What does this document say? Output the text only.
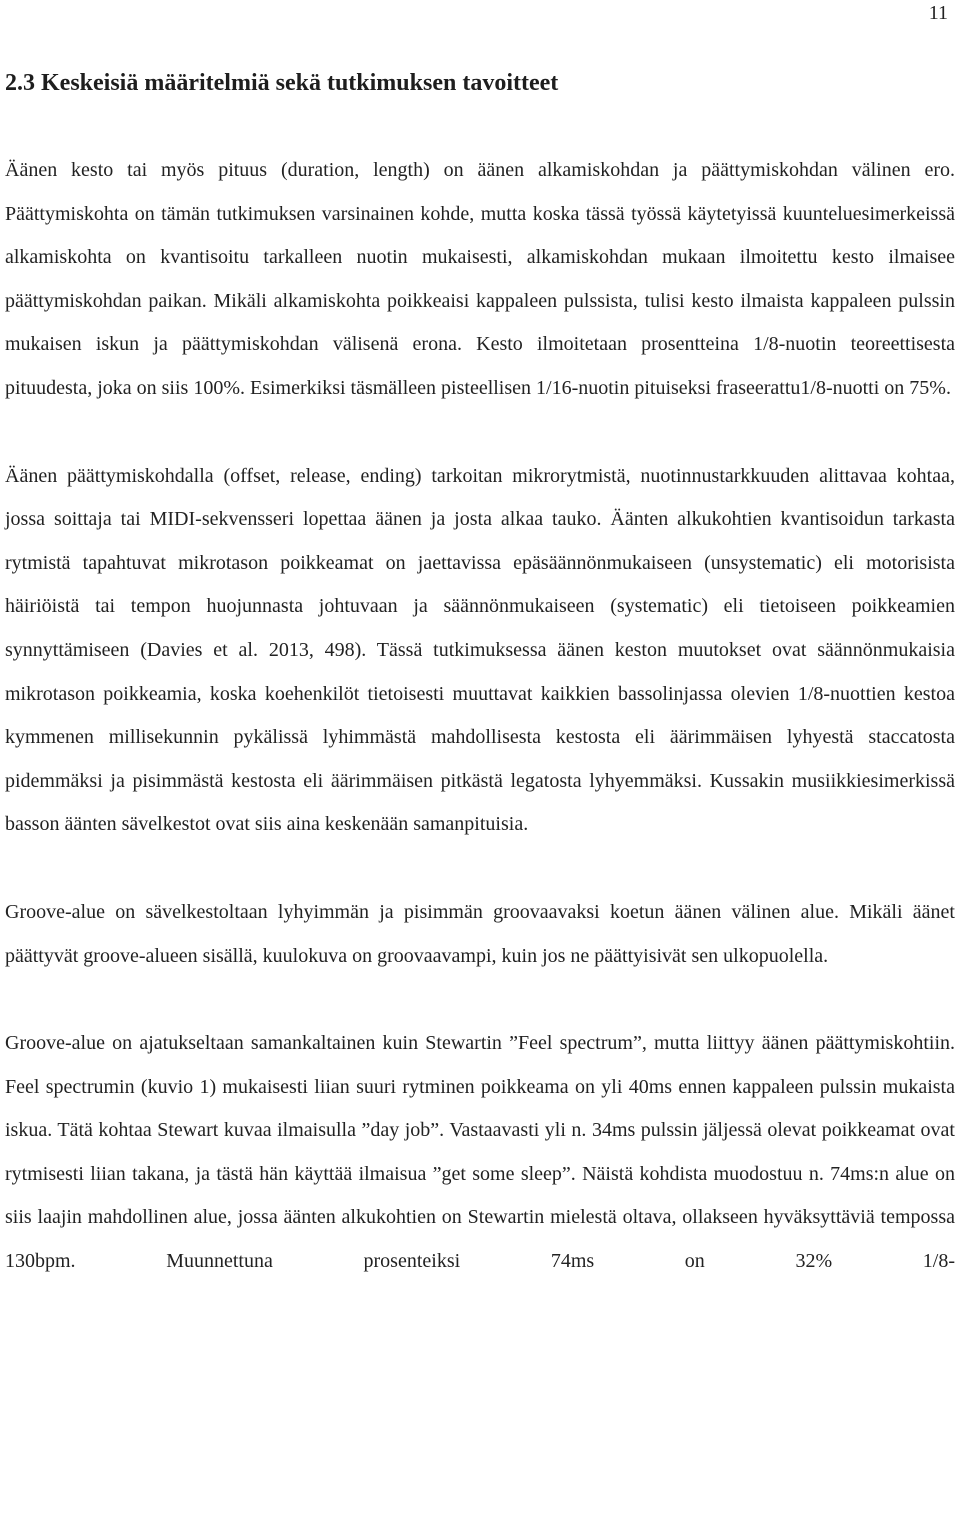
11
2.3 Keskeisiä määritelmiä sekä tutkimuksen tavoitteet

Äänen kesto tai myös pituus (duration, length) on äänen alkamiskohdan ja päättymiskohdan välinen ero. Päättymiskohta on tämän tutkimuksen varsinainen kohde, mutta koska tässä työssä käytetyissä kuunteluesimerkeissä alkamiskohta on kvantisoitu tarkalleen nuotin mukaisesti, alkamiskohdan mukaan ilmoitettu kesto ilmaisee päättymiskohdan paikan. Mikäli alkamiskohta poikkeaisi kappaleen pulssista, tulisi kesto ilmaista kappaleen pulssin mukaisen iskun ja päättymiskohdan välisenä erona. Kesto ilmoitetaan prosentteina 1/8-nuotin teoreettisesta pituudesta, joka on siis 100%. Esimerkiksi täsmälleen pisteellisen 1/16-nuotin pituiseksi fraseerattu1/8-nuotti on 75%.

Äänen päättymiskohdalla (offset, release, ending) tarkoitan mikrorytmistä, nuotinnustarkkuuden alittavaa kohtaa, jossa soittaja tai MIDI-sekvensseri lopettaa äänen ja josta alkaa tauko. Äänten alkukohtien kvantisoidun tarkasta rytmistä tapahtuvat mikrotason poikkeamat on jaettavissa epäsäännönmukaiseen (unsystematic) eli motorisista häiriöistä tai tempon huojunnasta johtuvaan ja säännönmukaiseen (systematic) eli tietoiseen poikkeamien synnyttämiseen (Davies et al. 2013, 498). Tässä tutkimuksessa äänen keston muutokset ovat säännönmukaisia mikrotason poikkeamia, koska koehenkilöt tietoisesti muuttavat kaikkien bassolinjassa olevien 1/8-nuottien kestoa kymmenen millisekunnin pykälissä lyhimmästä mahdollisesta kestosta eli äärimmäisen lyhyestä staccatosta pidemmäksi ja pisimmästä kestosta eli äärimmäisen pitkästä legatosta lyhyemmäksi. Kussakin musiikkiesimerkissä basson äänten sävelkestot ovat siis aina keskenään samanpituisia.

Groove-alue on sävelkestoltaan lyhyimmän ja pisimmän groovaavaksi koetun äänen välinen alue. Mikäli äänet päättyvät groove-alueen sisällä, kuulokuva on groovaavampi, kuin jos ne päättyisivät sen ulkopuolella.

Groove-alue on ajatukseltaan samankaltainen kuin Stewartin ”Feel spectrum”, mutta liittyy äänen päättymiskohtiin. Feel spectrumin (kuvio 1) mukaisesti liian suuri rytminen poikkeama on yli 40ms ennen kappaleen pulssin mukaista iskua. Tätä kohtaa Stewart kuvaa ilmaisulla ”day job”. Vastaavasti yli n. 34ms pulssin jäljessä olevat poikkeamat ovat rytmisesti liian takana, ja tästä hän käyttää ilmaisua ”get some sleep”. Näistä kohdista muodostuu n. 74ms:n alue on siis laajin mahdollinen alue, jossa äänten alkukohtien on Stewartin mielestä oltava, ollakseen hyväksyttäviä tempossa 130bpm. Muunnettuna prosenteiksi 74ms on 32% 1/8-
